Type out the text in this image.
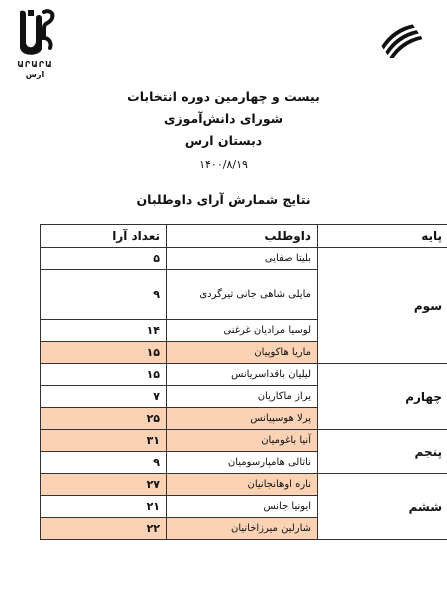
ԱՐԱՐԱ
ارس
بیست و چهارمین دوره انتخابات
شورای دانش‌آموزی
دبستان ارس
۱۴۰۰/۸/۱۹
نتایج شمارش آرای داوطلبان
پایه	داوطلب	تعداد آرا
سوم	بلیتا صفایی	۵
	مایلی شاهی جانی تیرگردی	۹
	لوسیا مرادیان غرغنی	۱۴
	ماریا هاکوپیان	۱۵
چهارم	لیلیان باقداسریانس	۱۵
	یراز ماکاریان	۷
	پرلا هوسپیانس	۲۵
پنجم	آنیا باغومیان	۳۱
	ناتالی هامپارسومیان	۹
ششم	ناره اوهانجانیان	۲۷
	ایونیا جانس	۲۱
	شارلین میرزاخانیان	۲۲
